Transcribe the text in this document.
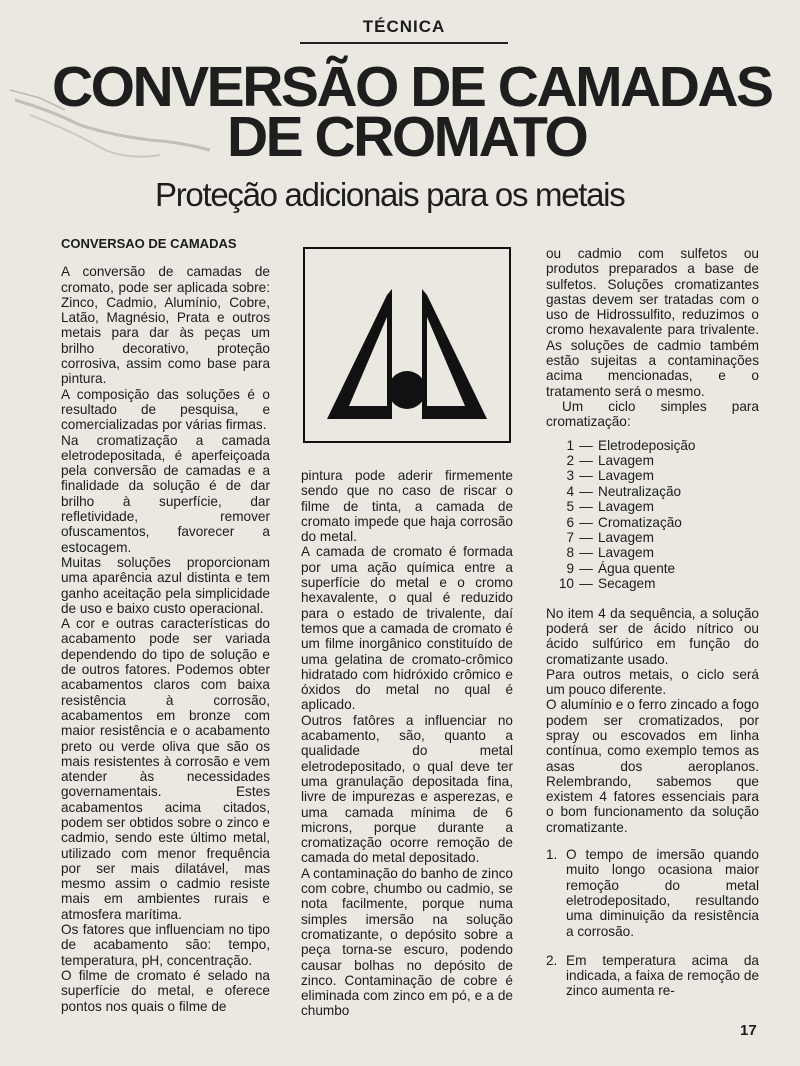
TÉCNICA
CONVERSÃO DE CAMADAS
DE CROMATO
Proteção adicionais para os metais
CONVERSAO DE CAMADAS

A conversão de camadas de cromato, pode ser aplicada sobre: Zinco, Cadmio, Alumínio, Cobre, Latão, Magnésio, Prata e outros metais para dar às peças um brilho decorativo, proteção corrosiva, assim como base para pintura.

A composição das soluções é o resultado de pesquisa, e comercializadas por várias firmas.

Na cromatização a camada eletrodepositada, é aperfeiçoada pela conversão de camadas e a finalidade da solução é de dar brilho à superfície, dar refletividade, remover ofuscamentos, favorecer a estocagem.

Muitas soluções proporcionam uma aparência azul distinta e tem ganho aceitação pela simplicidade de uso e baixo custo operacional.

A cor e outras características do acabamento pode ser variada dependendo do tipo de solução e de outros fatores. Podemos obter acabamentos claros com baixa resistência à corrosão, acabamentos em bronze com maior resistência e o acabamento preto ou verde oliva que são os mais resistentes à corrosão e vem atender às necessidades governamentais. Estes acabamentos acima citados, podem ser obtidos sobre o zinco e cadmio, sendo este último metal, utilizado com menor frequência por ser mais dilatável, mas mesmo assim o cadmio resiste mais em ambientes rurais e atmosfera marítima.

Os fatores que influenciam no tipo de acabamento são: tempo, temperatura, pH, concentração.

O filme de cromato é selado na superfície do metal, e oferece pontos nos quais o filme de

pintura pode aderir firmemente sendo que no caso de riscar o filme de tinta, a camada de cromato impede que haja corrosão do metal.

A camada de cromato é formada por uma ação química entre a superfície do metal e o cromo hexavalente, o qual é reduzido para o estado de trivalente, daí temos que a camada de cromato é um filme inorgânico constituído de uma gelatina de cromato-crômico hidratado com hidróxido crômico e óxidos do metal no qual é aplicado.

Outros fatôres a influenciar no acabamento, são, quanto a qualidade do metal eletrodepositado, o qual deve ter uma granulação depositada fina, livre de impurezas e asperezas, e uma camada mínima de 6 microns, porque durante a cromatização ocorre remoção de camada do metal depositado.

A contaminação do banho de zinco com cobre, chumbo ou cadmio, se nota facilmente, porque numa simples imersão na solução cromatizante, o depósito sobre a peça torna-se escuro, podendo causar bolhas no depósito de zinco. Contaminação de cobre é eliminada com zinco em pó, e a de chumbo

ou cadmio com sulfetos ou produtos preparados a base de sulfetos. Soluções cromatizantes gastas devem ser tratadas com o uso de Hidrossulfito, reduzimos o cromo hexavalente para trivalente. As soluções de cadmio também estão sujeitas a contaminações acima mencionadas, e o tratamento será o mesmo.

Um ciclo simples para cromatização:

1 — Eletrodeposição
2 — Lavagem
3 — Lavagem
4 — Neutralização
5 — Lavagem
6 — Cromatização
7 — Lavagem
8 — Lavagem
9 — Água quente
10 — Secagem

No item 4 da sequência, a solução poderá ser de ácido nítrico ou ácido sulfúrico em função do cromatizante usado.

Para outros metais, o ciclo será um pouco diferente.

O alumínio e o ferro zincado a fogo podem ser cromatizados, por spray ou escovados em linha contínua, como exemplo temos as asas dos aeroplanos. Relembrando, sabemos que existem 4 fatores essenciais para o bom funcionamento da solução cromatizante.

1. O tempo de imersão quando muito longo ocasiona maior remoção do metal eletrodepositado, resultando uma diminuição da resistência a corrosão.
2. Em temperatura acima da indicada, a faixa de remoção de zinco aumenta re-
17
